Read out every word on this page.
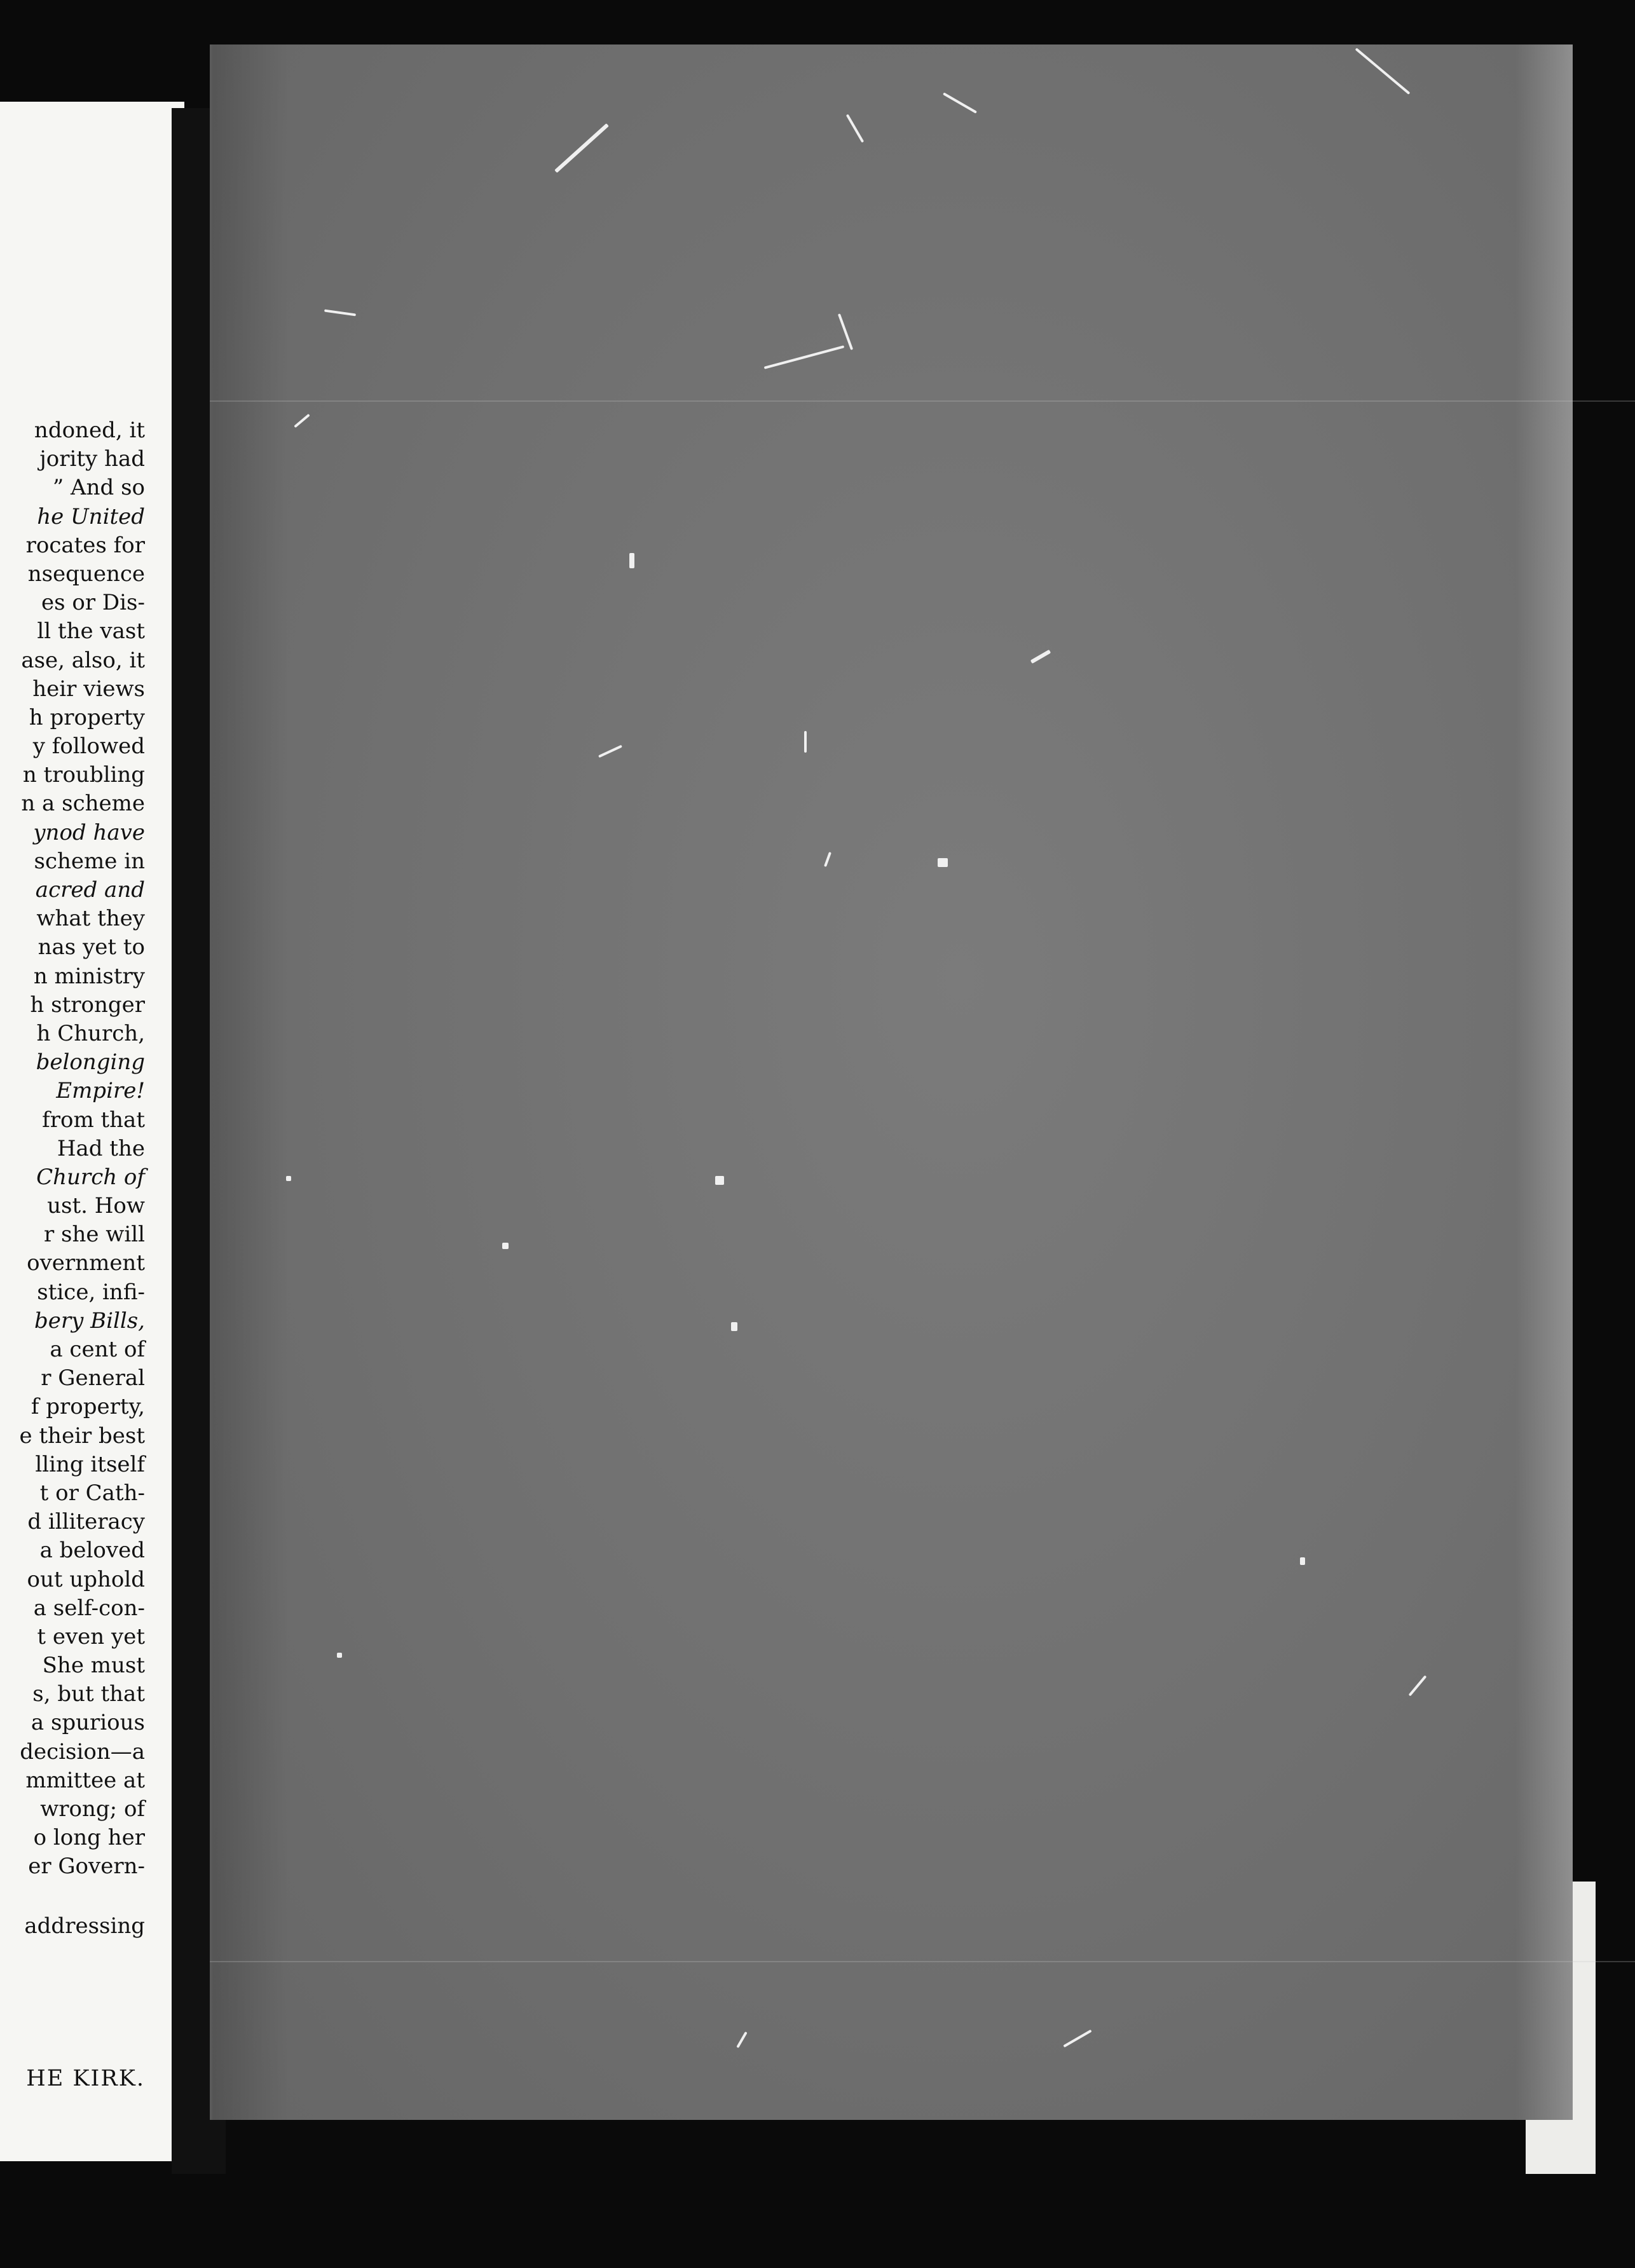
ndoned, it
jority had
” And so
he United
rocates for
nsequence
es or Dis-
ll the vast
ase, also, it
heir views
h property
y followed
n troubling
n a scheme
ynod have
scheme in
acred and
what they
nas yet to
n ministry
h stronger
h Church,
belonging
Empire!
from that
Had the
Church of
ust. How
r she will
overnment
stice, infi-
bery Bills,
a cent of
r General
f property,
e their best
lling itself
t or Cath-
d illiteracy
a beloved
out uphold
a self-con-
t even yet
She must
s, but that
a spurious
decision—a
mmittee at
wrong; of
o long her
er Govern-
addressing
HE KIRK.
